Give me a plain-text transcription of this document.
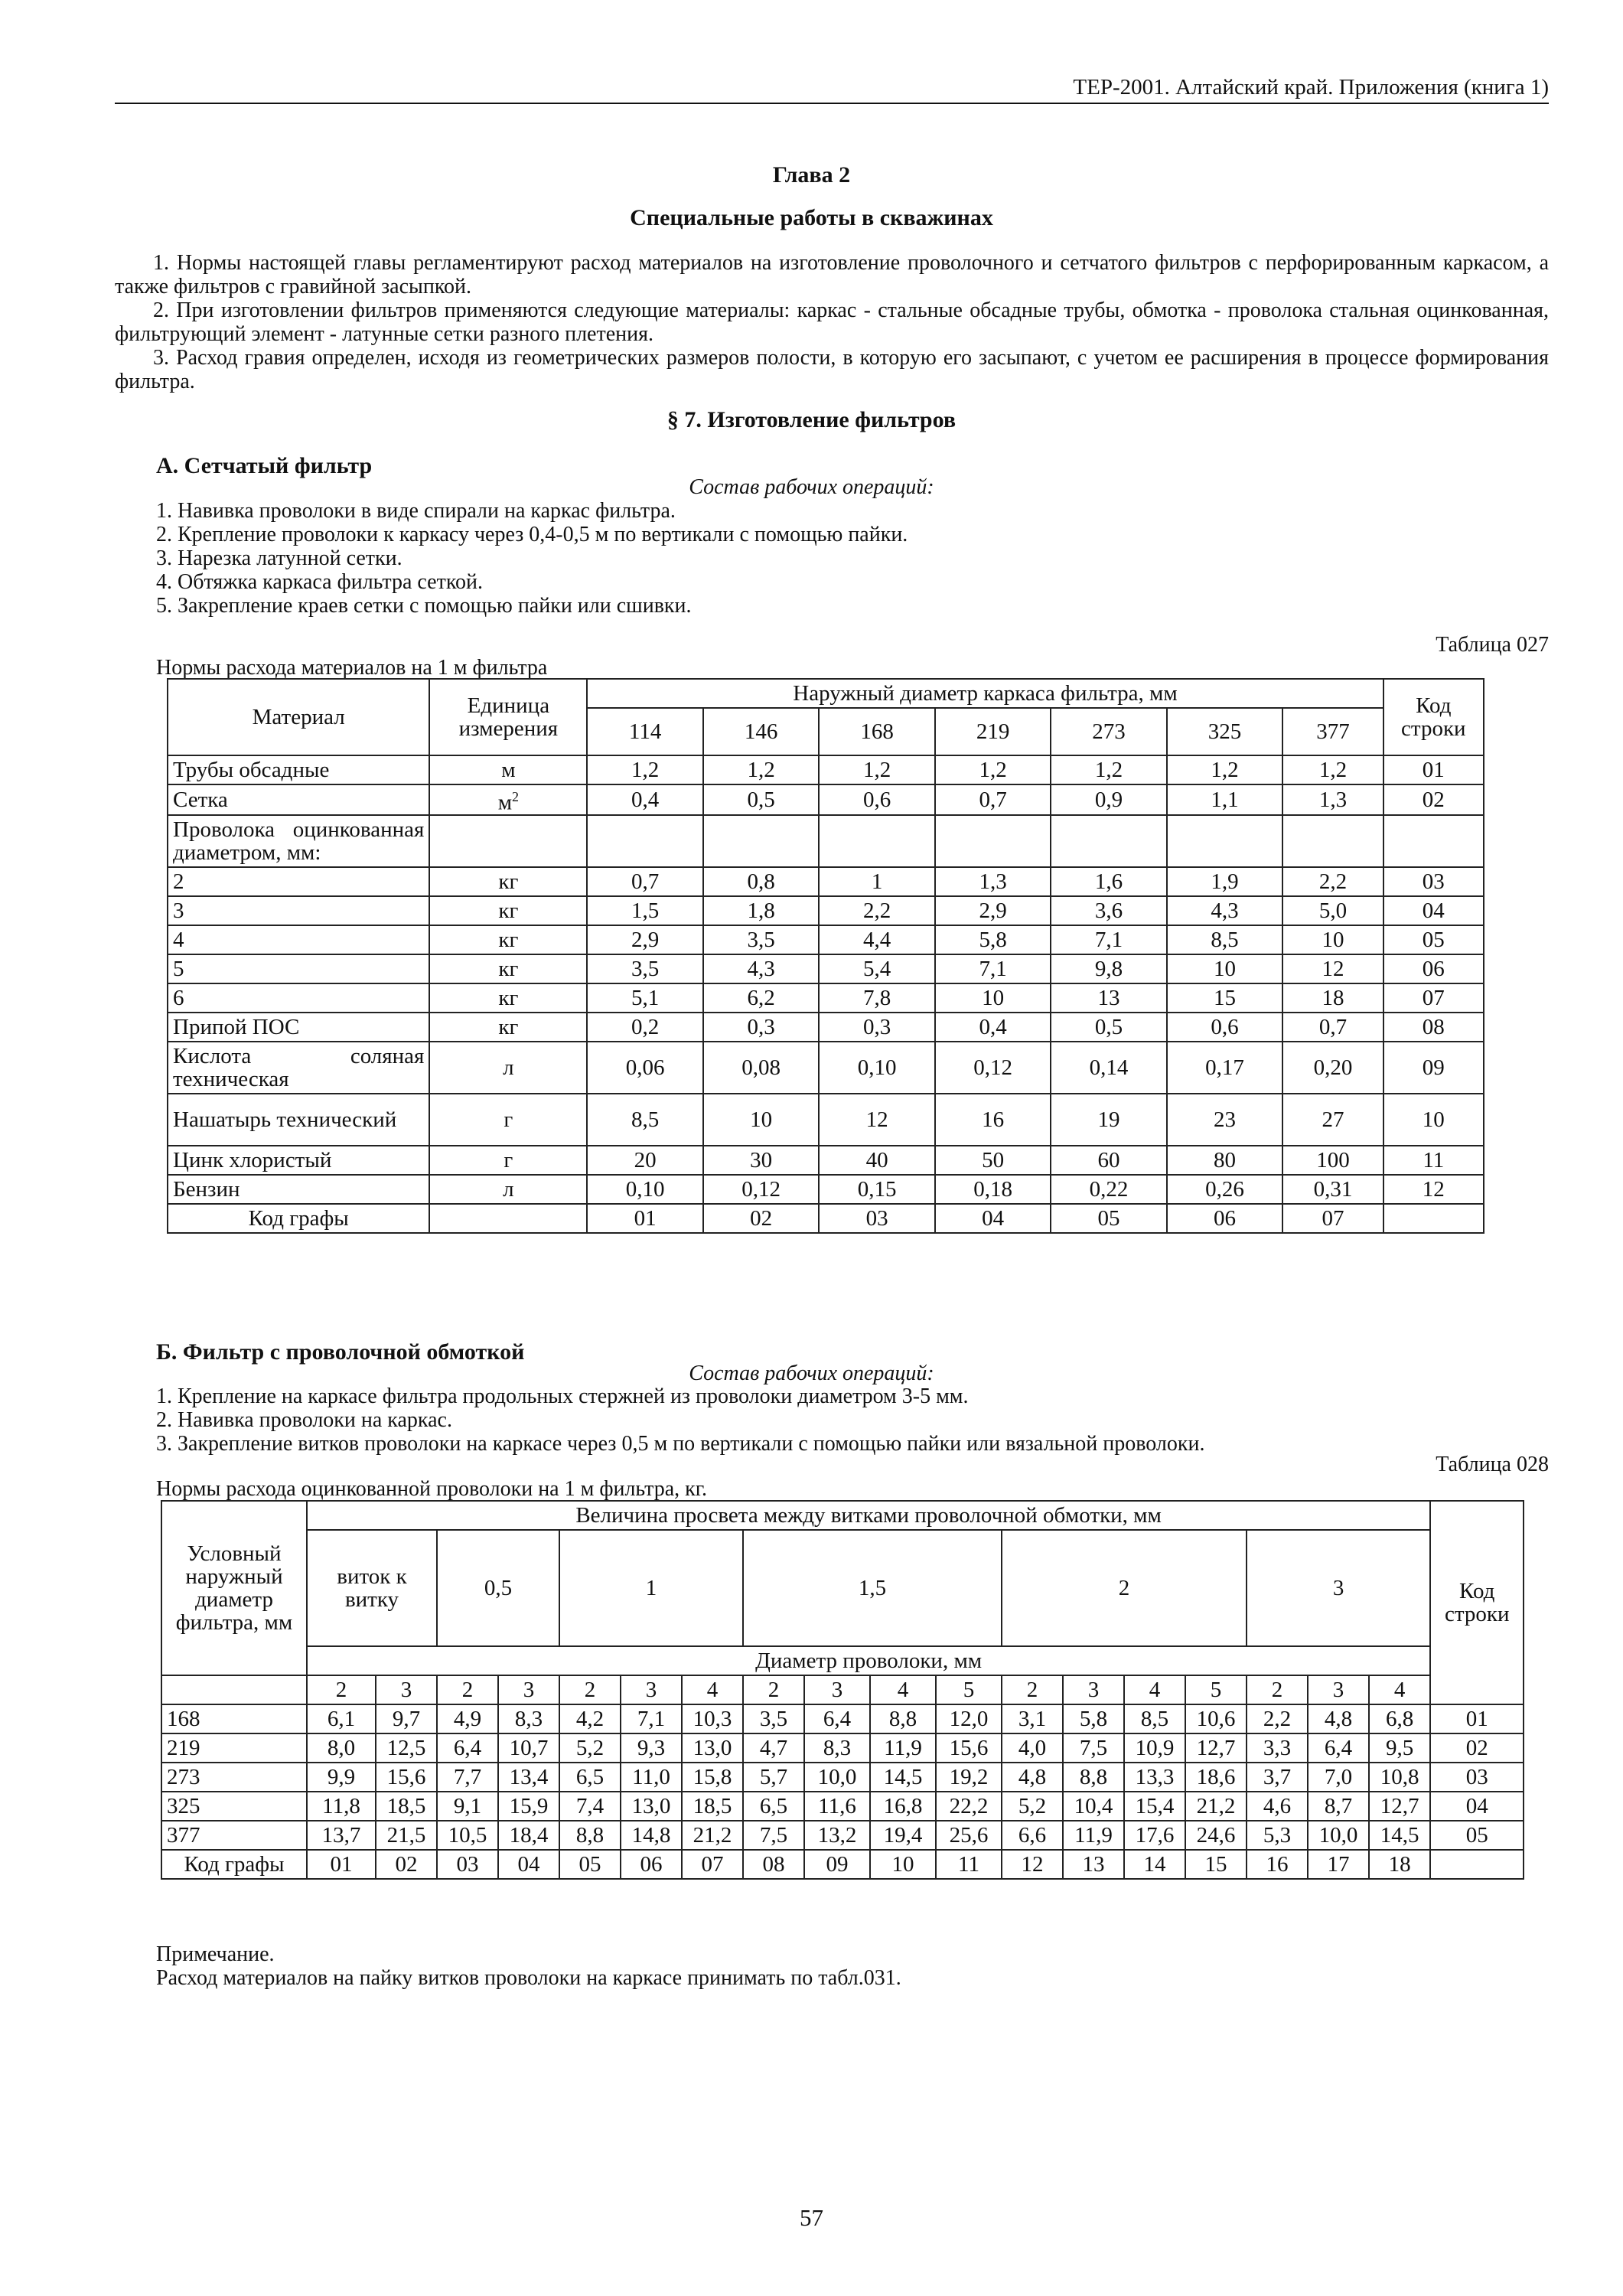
ТЕР-2001. Алтайский край. Приложения (книга 1)
Глава 2
Специальные работы в скважинах

1. Нормы настоящей главы регламентируют расход материалов на изготовление проволочного и сетчатого фильтров с перфорированным каркасом, а также фильтров с гравийной засыпкой.

2. При изготовлении фильтров применяются следующие материалы: каркас - стальные обсадные трубы, обмотка - проволока стальная оцинкованная, фильтрующий элемент - латунные сетки разного плетения.

3. Расход гравия определен, исходя из геометрических размеров полости, в которую его засыпают, с учетом ее расширения в процессе формирования фильтра.

§ 7. Изготовление фильтров
А. Сетчатый фильтр
Состав рабочих операций:
1. Навивка проволоки в виде спирали на каркас фильтра.
2. Крепление проволоки к каркасу через 0,4-0,5 м по вертикали с помощью пайки.
3. Нарезка латунной сетки.
4. Обтяжка каркаса фильтра сеткой.
5. Закрепление краев сетки с помощью пайки или сшивки.
Таблица 027
Нормы расхода материалов на 1 м фильтра
Материал	Единица измерения	Наружный диаметр каркаса фильтра, мм							Код строки
		114	146	168	219	273	325	377	
Трубы обсадные	м	1,2	1,2	1,2	1,2	1,2	1,2	1,2	01
Сетка	$м^2$	0,4	0,5	0,6	0,7	0,9	1,1	1,3	02
Проволока оцинкованная диаметром, мм:									
2	кг	0,7	0,8	1	1,3	1,6	1,9	2,2	03
3	кг	1,5	1,8	2,2	2,9	3,6	4,3	5,0	04
4	кг	2,9	3,5	4,4	5,8	7,1	8,5	10	05
5	кг	3,5	4,3	5,4	7,1	9,8	10	12	06
6	кг	5,1	6,2	7,8	10	13	15	18	07
Припой ПОС	кг	0,2	0,3	0,3	0,4	0,5	0,6	0,7	08
Кислота соляная техническая	л	0,06	0,08	0,10	0,12	0,14	0,17	0,20	09
Нашатырь технический	г	8,5	10	12	16	19	23	27	10
Цинк хлористый	г	20	30	40	50	60	80	100	11
Бензин	л	0,10	0,12	0,15	0,18	0,22	0,26	0,31	12
Код графы		01	02	03	04	05	06	07	
Б. Фильтр с проволочной обмоткой
Состав рабочих операций:
1. Крепление на каркасе фильтра продольных стержней из проволоки диаметром 3-5 мм.
2. Навивка проволоки на каркас.
3. Закрепление витков проволоки на каркасе через 0,5 м по вертикали с помощью пайки или вязальной проволоки.
Таблица 028
Нормы расхода оцинкованной проволоки на 1 м фильтра, кг.
Условный наружный диаметр фильтра, мм	Величина просвета между витками проволочной обмотки, мм																		Код строки
	виток к витку		0,5		1			1,5				2				3			
	Диаметр проволоки, мм																		
	2	3	2	3	2	3	4	2	3	4	5	2	3	4	5	2	3	4	
168	6,1	9,7	4,9	8,3	4,2	7,1	10,3	3,5	6,4	8,8	12,0	3,1	5,8	8,5	10,6	2,2	4,8	6,8	01
219	8,0	12,5	6,4	10,7	5,2	9,3	13,0	4,7	8,3	11,9	15,6	4,0	7,5	10,9	12,7	3,3	6,4	9,5	02
273	9,9	15,6	7,7	13,4	6,5	11,0	15,8	5,7	10,0	14,5	19,2	4,8	8,8	13,3	18,6	3,7	7,0	10,8	03
325	11,8	18,5	9,1	15,9	7,4	13,0	18,5	6,5	11,6	16,8	22,2	5,2	10,4	15,4	21,2	4,6	8,7	12,7	04
377	13,7	21,5	10,5	18,4	8,8	14,8	21,2	7,5	13,2	19,4	25,6	6,6	11,9	17,6	24,6	5,3	10,0	14,5	05
Код графы	01	02	03	04	05	06	07	08	09	10	11	12	13	14	15	16	17	18	
Примечание.
Расход материалов на пайку витков проволоки на каркасе принимать по табл.031.
57
